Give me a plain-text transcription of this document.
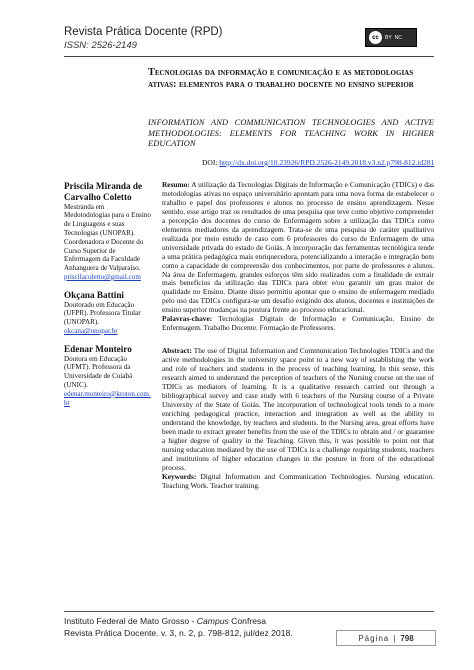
Revista Prática Docente (RPD)
ISSN: 2526-2149
cc	BY NC
Tecnologias da informação e comunicação e as metodologias ativas: elementos para o trabalho docente no ensino superior
INFORMATION AND COMMUNICATION TECHNOLOGIES AND ACTIVE METHODOLOGIES: ELEMENTS FOR TEACHING WORK IN HIGHER EDUCATION
DOI: http://dx.doi.org/10.23926/RPD.2526-2149.2018.v3.n2.p798-812.id281
Priscila Miranda de Carvalho Coletto
Mestranda em Medotodologias para o Ensino de Linguagens e suas Tecnologias (UNOPAR). Coordenadora e Docente do Curso Superior de Enfermagem da Faculdade Anhanguera de Valparaíso.
priscilacoletto@gmail.com
Okçana Battini
Doutorado em Educação (UFPR). Professora Titular (UNOPAR).
okcana@unopar.br
Edenar Monteiro
Doutora em Educação (UFMT). Professora da Universidade de Cuiabá (UNIC).
edenar.monteiro@kroton.com.br

Resumo: A utilização da Tecnologias Digitais de Informação e Comunicação (TDICs) e das metodologias ativas no espaço universitário apontam para uma nova forma de estabelecer o trabalho e papel dos professores e alunos no processo de ensino aprendizagem. Nesse sentido, esse artigo traz os resultados de uma pesquisa que teve como objetivo compreender a percepção dos docentes do curso de Enfermagem sobre a utilização das TDICs como elementos mediadores da aprendizagem. Trata-se de uma pesquisa de caráter qualitativo realizada por meio estudo de caso com 6 professores do curso de Enfermagem de uma universidade privada do estado de Goiás. A incorporação das ferramentas tecnológica tende a uma prática pedagógica mais enriquecedora, potencializando a interação e integração bem como a capacidade de compreensão dos conhecimentos, por parte de professores e alunos. Na área de Enfermagem, grandes esforços têm sido realizados com a finalidade de extrair mais benefícios da utilização das TDICs para obter e/ou garantir um grau maior de qualidade no Ensino. Diante disso permitiu apontar que o ensino de enfermagem mediado pelo uso das TDICs configura-se um desafio exigindo dos alunos, docentes e instituições de ensino superior mudanças na postura frente ao processo educacional.

Palavras-chave: Tecnologias Digitais de Informação e Comunicação. Ensino de Enfermagem. Trabalho Docente. Formação de Professores.

Abstract: The use of Digital Information and Communication Technologies TDICs and the active methodologies in the university space point to a new way of establishing the work and role of teachers and students in the process of teaching learning. In this sense, this research aimed to understand the perception of teachers of the Nursing course on the use of TDICs as mediators of learning. It is a qualitative research carried out through a bibliographical survey and case study with 6 teachers of the Nursing course of a Private University of the State of Goiás. The incorporation of technological tools tends to a more enriching pedagogical practice, interaction and integration as well as the ability to understand the knowledge, by teachers and students. In the Nursing area, great efforts have been made to extract greater benefits from the use of the TDICs to obtain and / or guarantee a higher degree of quality in the Teaching. Given this, it was possible to point out that nursing education mediated by the use of TDICs is a challenge requiring students, teachers and institutions of higher education changes in the posture in front of the educational process.

Keywords: Digital Information and Communication Technologies. Nursing education. Teaching Work. Teacher training.

Instituto Federal de Mato Grosso - Campus Confresa
Revista Prática Docente. v. 3, n. 2, p. 798-812, jul/dez 2018.
Página | 798
